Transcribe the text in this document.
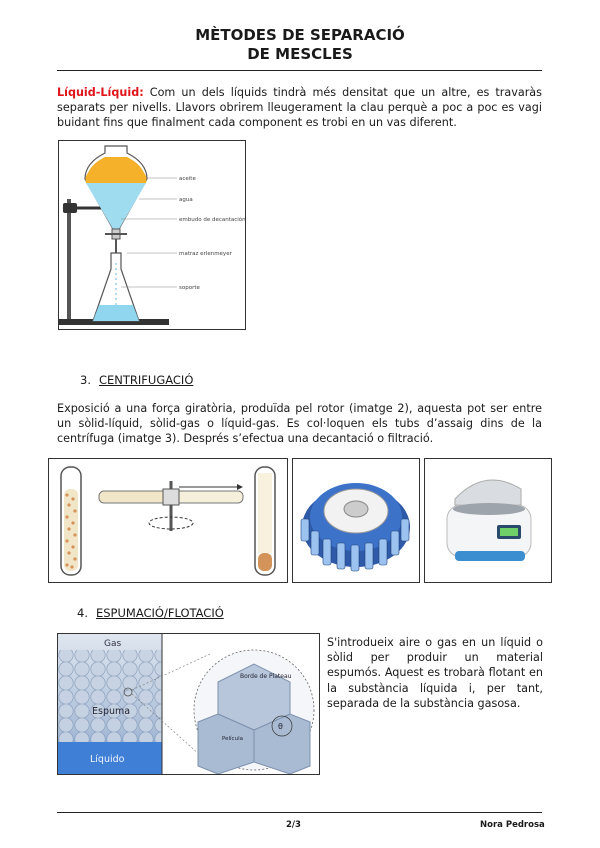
MÈTODES DE SEPARACIÓ
DE MESCLES
Líquid-Líquid: Com un dels líquids tindrà més densitat que un altre, es travaràs separats per nivells. Llavors obrirem lleugerament la clau perquè a poc a poc es vagi buidant fins que finalment cada component es trobi en un vas diferent.
aceite
agua
embudo de decantación
matraz erlenmeyer
soporte
3. CENTRIFUGACIÓ
Exposició a una força giratòria, produïda pel rotor (imatge 2), aquesta pot ser entre un sòlid-líquid, sòlid-gas o líquid-gas. Es col·loquen els tubs d’assaig dins de la centrífuga (imatge 3). Després s’efectua una decantació o filtració.
4. ESPUMACIÓ/FLOTACIÓ
Gas
Espuma
Líquido
Borde de Plateau
Película
θ
S'introdueix aire o gas en un líquid o sòlid per produir un material espumós. Aquest es trobarà flotant en la substància líquida i, per tant, separada de la substància gasosa.
2/3	Nora Pedrosa
